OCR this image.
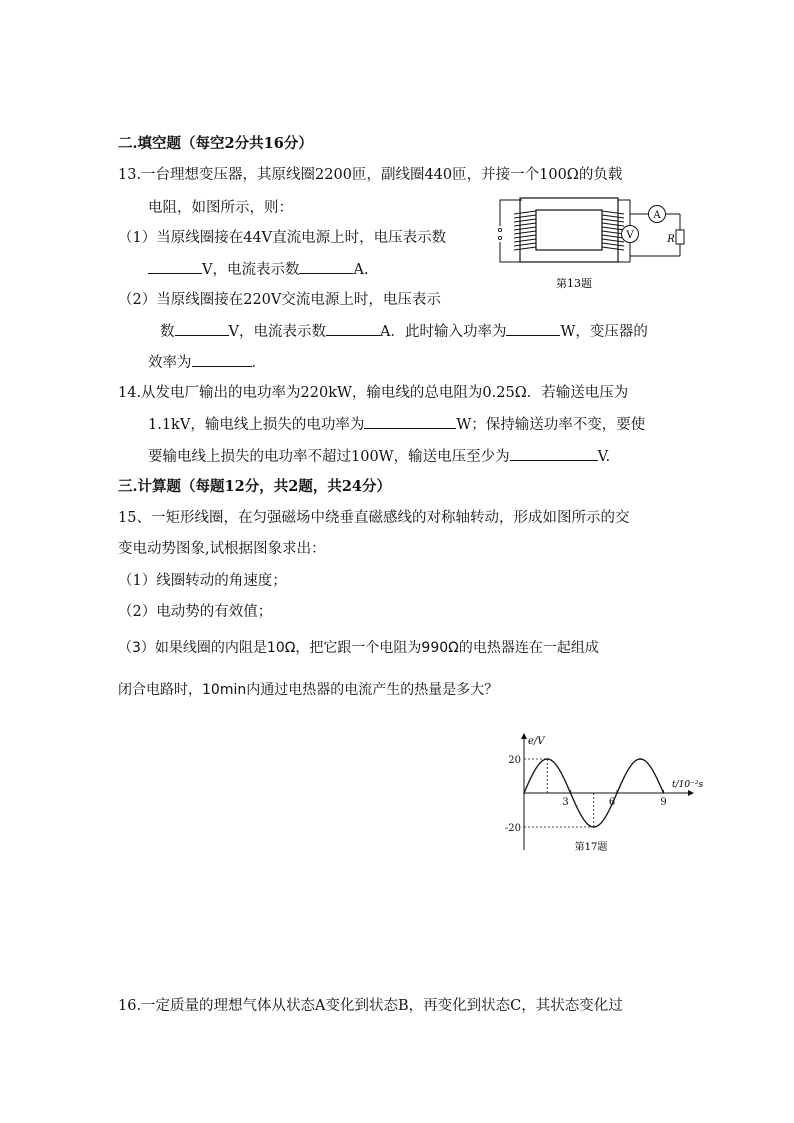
二.填空题（每空2分共16分）
13.一台理想变压器，其原线圈2200匝，副线圈440匝，并接一个100Ω的负载
电阻，如图所示，则：
（1）当原线圈接在44V直流电源上时，电压表示数
V，电流表示数	A.
（2）当原线圈接在220V交流电源上时，电压表示
数	V，电流表示数	A．此时输入功率为	W，变压器的
效率为	．
A
V	R
第13题
14.从发电厂输出的电功率为220kW，输电线的总电阻为0.25Ω．若输送电压为
1.1kV，输电线上损失的电功率为	W；保持输送功率不变，要使
要输电线上损失的电功率不超过100W，输送电压至少为	V.
三.计算题（每题12分，共2题，共24分）
15、一矩形线圈，在匀强磁场中绕垂直磁感线的对称轴转动，形成如图所示的交
变电动势图象,试根据图象求出：
（1）线圈转动的角速度；
（2）电动势的有效值；
（3）如果线圈的内阻是10Ω，把它跟一个电阻为990Ω的电热器连在一起组成
闭合电路时，10min内通过电热器的电流产生的热量是多大？
3	6	9
20
-20
e/V
t/10⁻²s
第17题
16.一定质量的理想气体从状态A变化到状态B，再变化到状态C，其状态变化过
